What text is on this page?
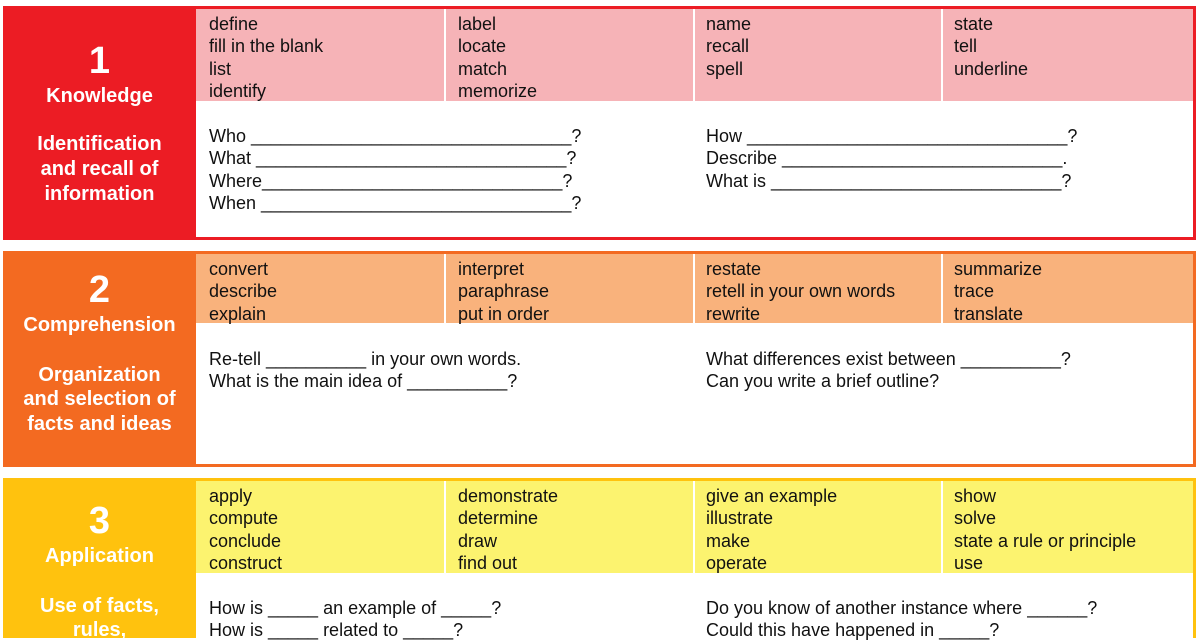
1
Knowledge
Identification
and recall of
information
define
fill in the blank
list
identify
label
locate
match
memorize
name
recall
spell
state
tell
underline
Who ________________________________?
What _______________________________?
Where______________________________?
When _______________________________?
How ________________________________?
Describe ____________________________.
What is _____________________________?
2
Comprehension
Organization
and selection of
facts and ideas
convert
describe
explain
interpret
paraphrase
put in order
restate
retell in your own words
rewrite
summarize
trace
translate
Re-tell __________ in your own words.
What is the main idea of __________?
What differences exist between __________?
Can you write a brief outline?
3
Application
Use of facts,
rules,
apply
compute
conclude
construct
demonstrate
determine
draw
find out
give an example
illustrate
make
operate
show
solve
state a rule or principle
use
How is _____ an example of _____?
How is _____ related to _____?
Do you know of another instance where ______?
Could this have happened in _____?
